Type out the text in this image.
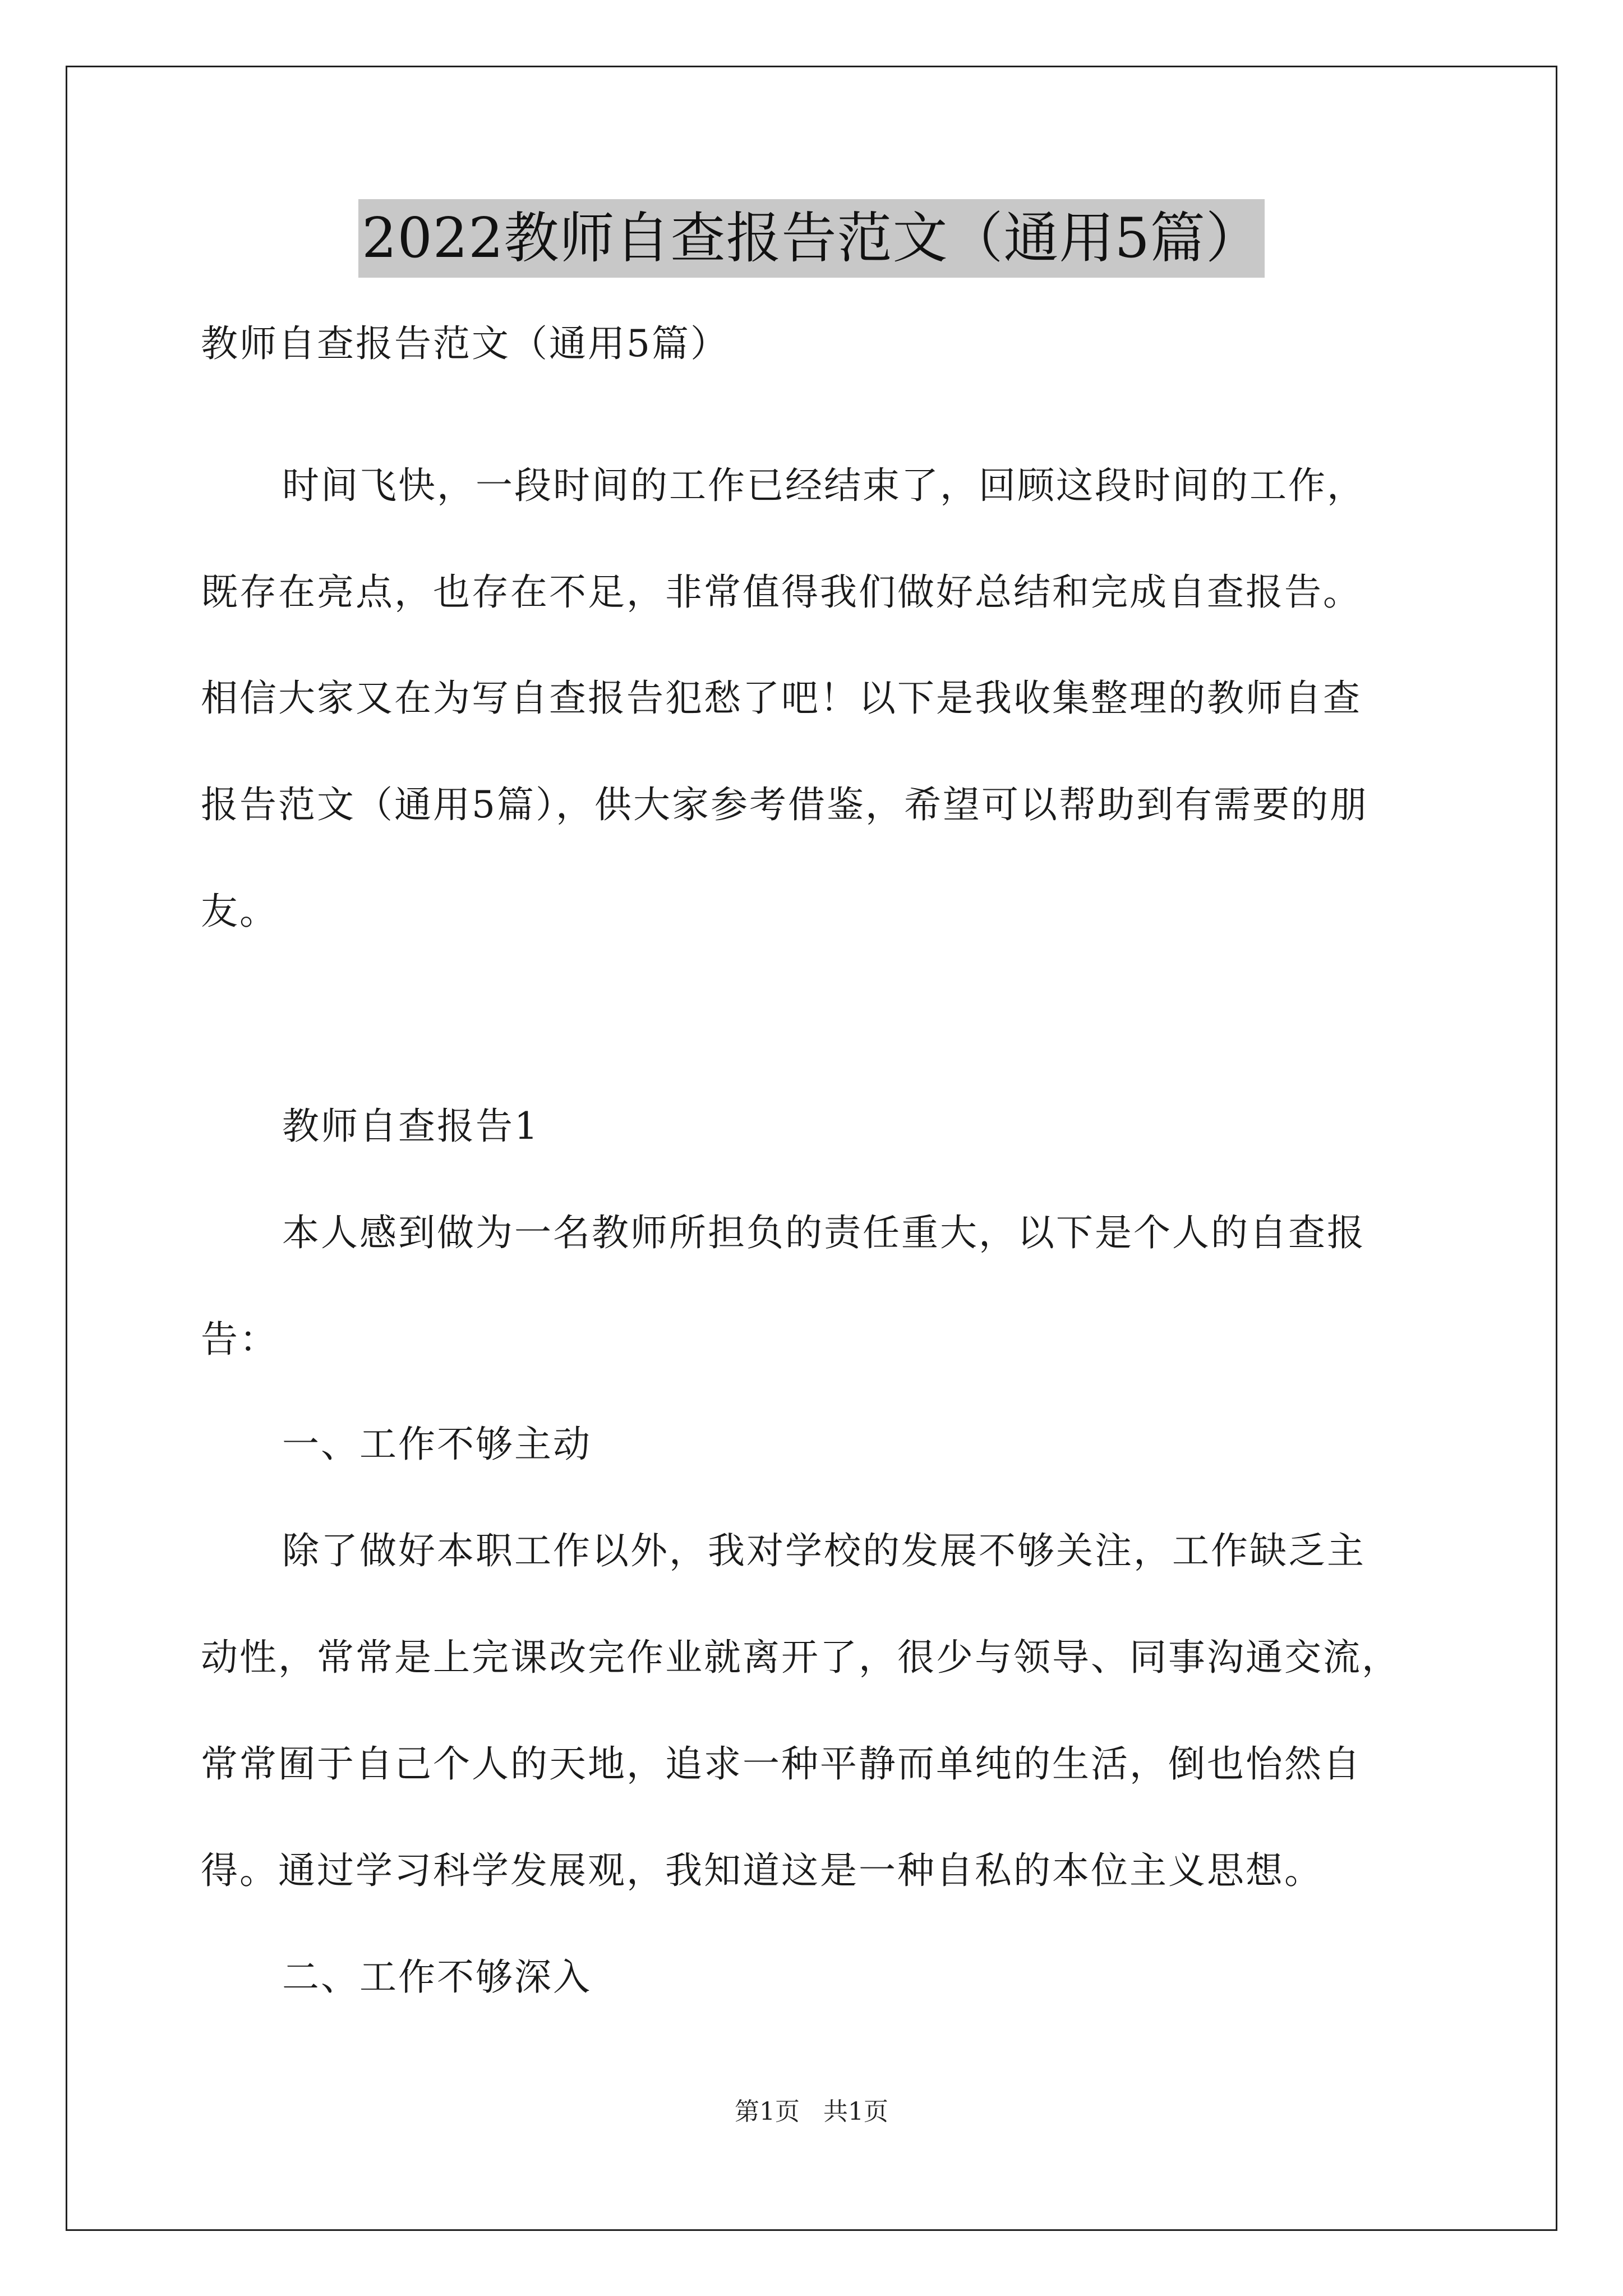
2022教师自查报告范文（通用5篇）
教师自查报告范文（通用5篇）
时间飞快，一段时间的工作已经结束了，回顾这段时间的工作，
既存在亮点，也存在不足，非常值得我们做好总结和完成自查报告。
相信大家又在为写自查报告犯愁了吧！以下是我收集整理的教师自查
报告范文（通用5篇），供大家参考借鉴，希望可以帮助到有需要的朋
友。
教师自查报告1
本人感到做为一名教师所担负的责任重大，以下是个人的自查报
告：
一、工作不够主动
除了做好本职工作以外，我对学校的发展不够关注，工作缺乏主
动性，常常是上完课改完作业就离开了，很少与领导、同事沟通交流，
常常囿于自己个人的天地，追求一种平静而单纯的生活，倒也怡然自
得。通过学习科学发展观，我知道这是一种自私的本位主义思想。
二、工作不够深入
第1页 共1页
